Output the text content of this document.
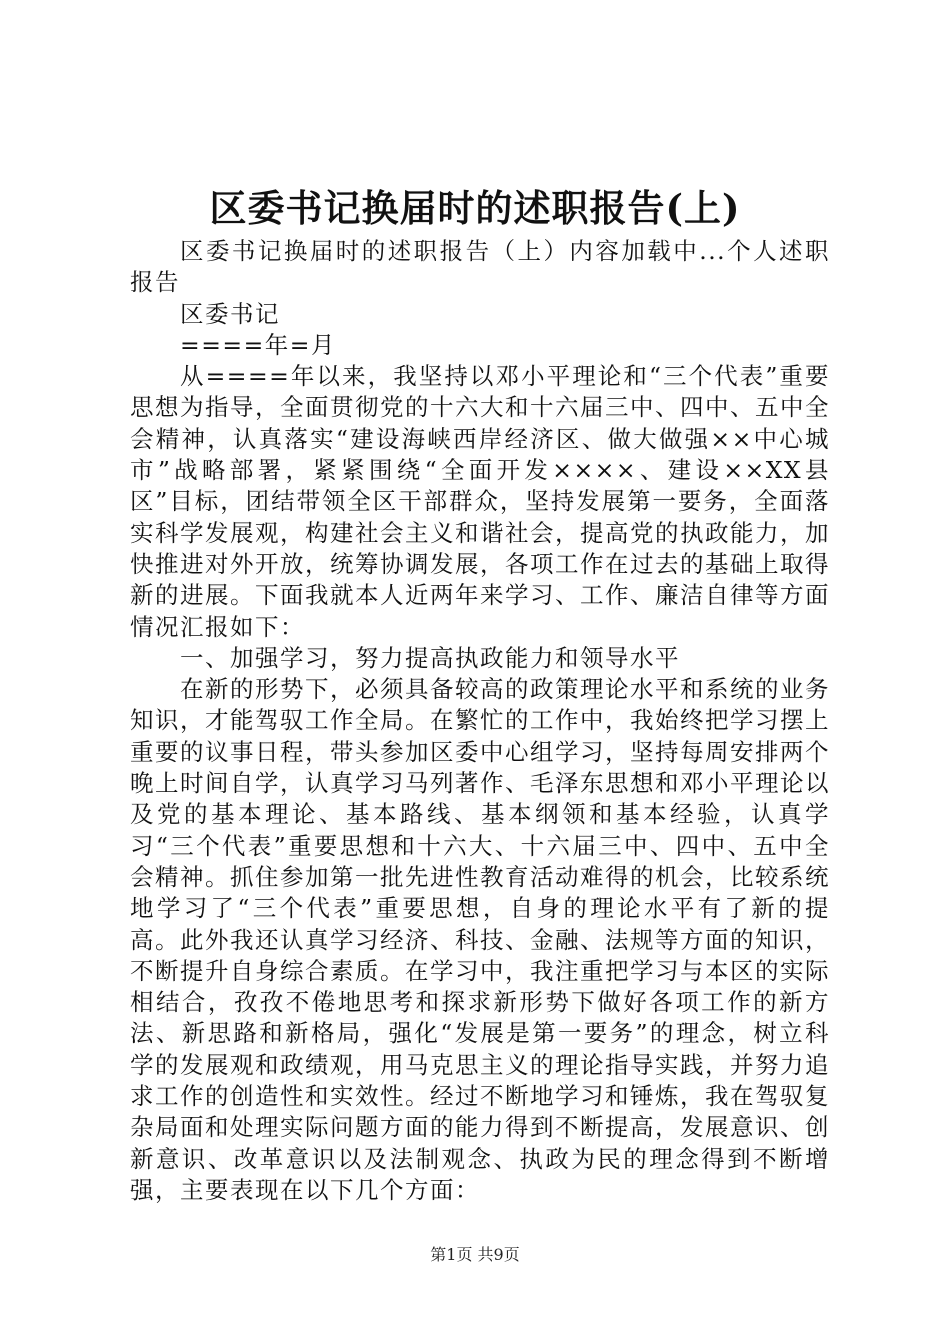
区委书记换届时的述职报告(上)

区委书记换届时的述职报告（上）内容加载中...个人述职报告

区委书记

====年=月

从====年以来，我坚持以邓小平理论和“三个代表”重要思想为指导，全面贯彻党的十六大和十六届三中、四中、五中全会精神，认真落实“建设海峡西岸经济区、做大做强××中心城市”战略部署，紧紧围绕“全面开发××××、建设××XX县区”目标，团结带领全区干部群众，坚持发展第一要务，全面落实科学发展观，构建社会主义和谐社会，提高党的执政能力，加快推进对外开放，统筹协调发展，各项工作在过去的基础上取得新的进展。下面我就本人近两年来学习、工作、廉洁自律等方面情况汇报如下：

一、加强学习，努力提高执政能力和领导水平

在新的形势下，必须具备较高的政策理论水平和系统的业务知识，才能驾驭工作全局。在繁忙的工作中，我始终把学习摆上重要的议事日程，带头参加区委中心组学习，坚持每周安排两个晚上时间自学，认真学习马列著作、毛泽东思想和邓小平理论以及党的基本理论、基本路线、基本纲领和基本经验，认真学习“三个代表”重要思想和十六大、十六届三中、四中、五中全会精神。抓住参加第一批先进性教育活动难得的机会，比较系统地学习了“三个代表”重要思想，自身的理论水平有了新的提高。此外我还认真学习经济、科技、金融、法规等方面的知识，不断提升自身综合素质。在学习中，我注重把学习与本区的实际相结合，孜孜不倦地思考和探求新形势下做好各项工作的新方法、新思路和新格局，强化“发展是第一要务”的理念，树立科学的发展观和政绩观，用马克思主义的理论指导实践，并努力追求工作的创造性和实效性。经过不断地学习和锤炼，我在驾驭复杂局面和处理实际问题方面的能力得到不断提高，发展意识、创新意识、改革意识以及法制观念、执政为民的理念得到不断增强，主要表现在以下几个方面：

第1页 共9页
